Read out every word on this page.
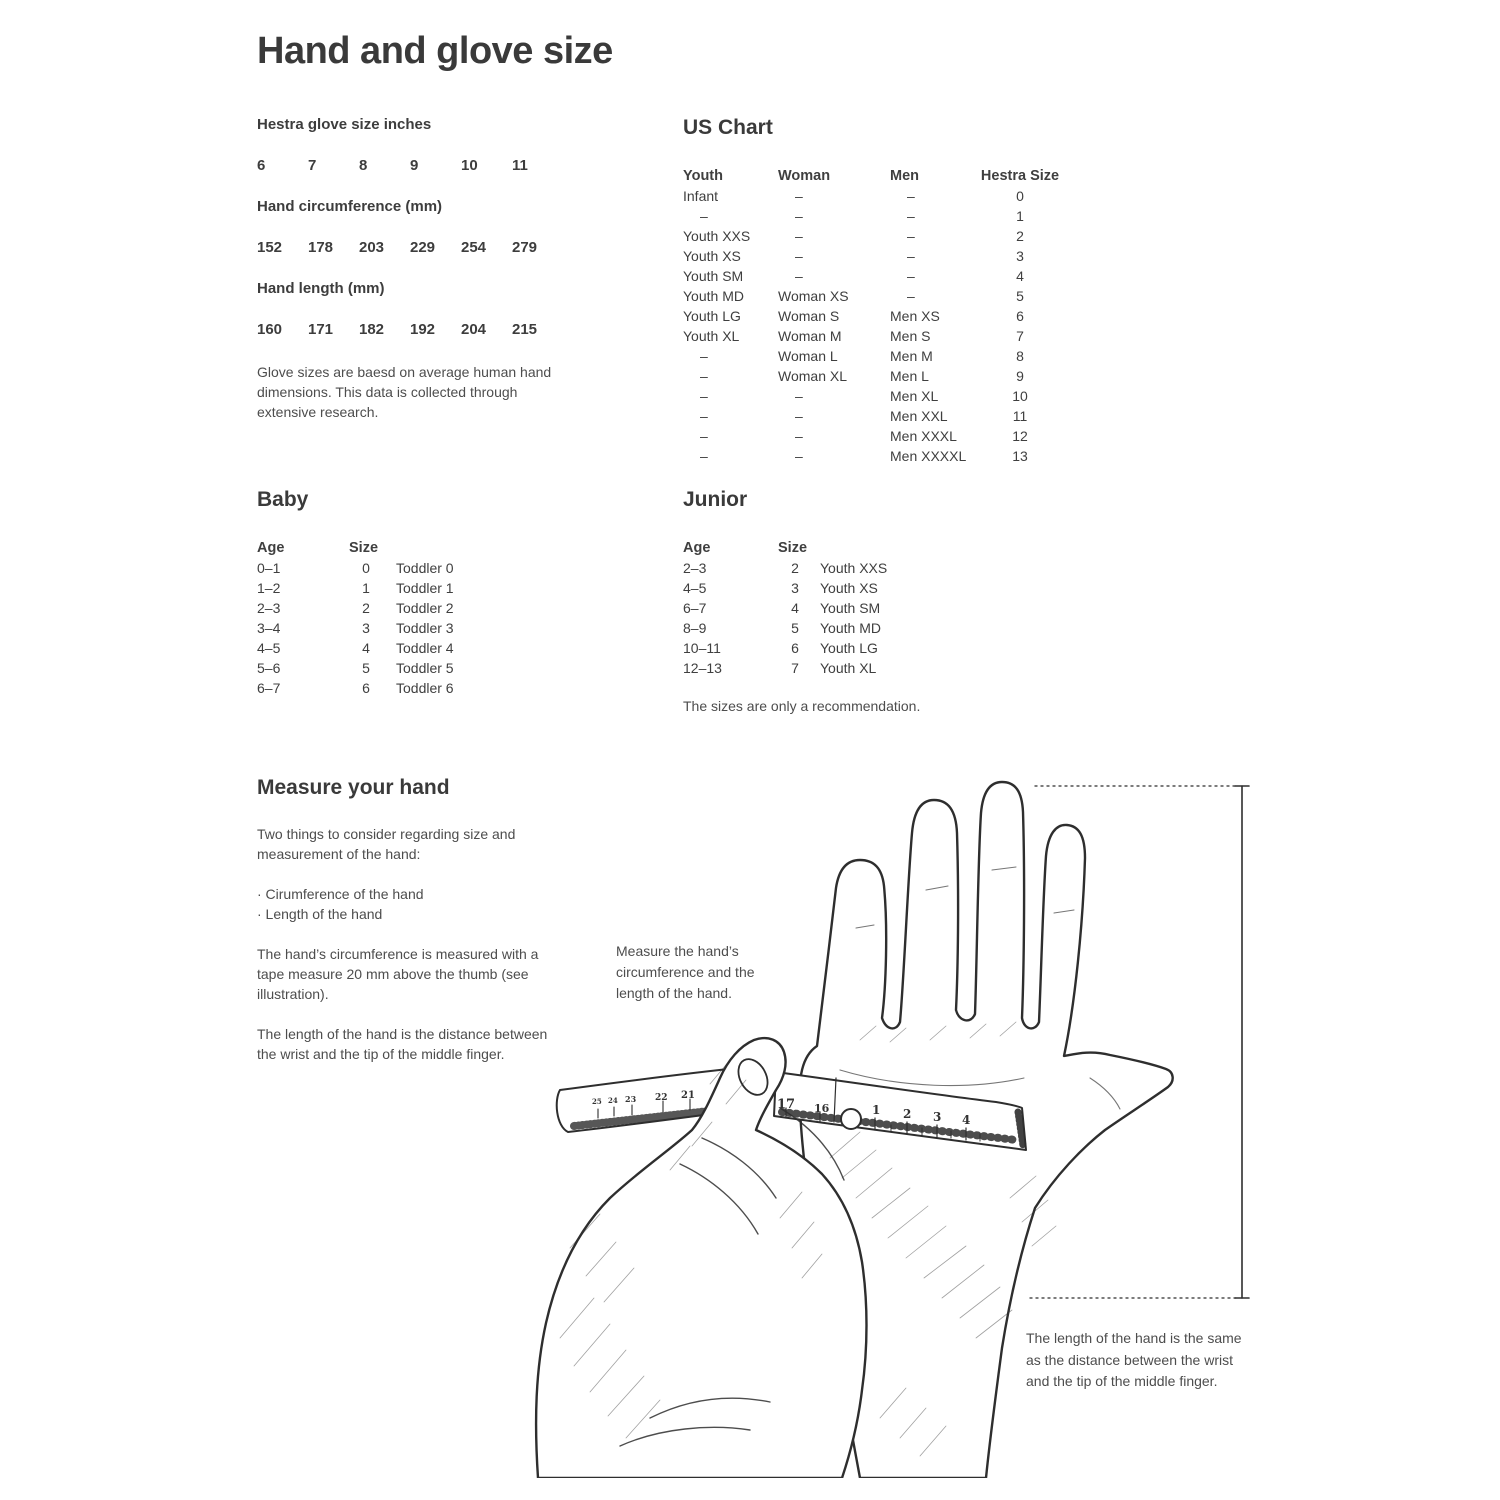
Hand and glove size
Hestra glove size inches
6	7	8	9	10	11
Hand circumference (mm)
152	178	203	229	254	279
Hand length (mm)
160	171	182	192	204	215
Glove sizes are baesd on average human hand dimensions. This data is collected through extensive research.
US Chart
Youth	Woman	Men	Hestra Size
Infant	–	–	0
–	–	–	1
Youth XXS	–	–	2
Youth XS	–	–	3
Youth SM	–	–	4
Youth MD	Woman XS	–	5
Youth LG	Woman S	Men XS	6
Youth XL	Woman M	Men S	7
–	Woman L	Men M	8
–	Woman XL	Men L	9
–	–	Men XL	10
–	–	Men XXL	11
–	–	Men XXXL	12
–	–	Men XXXXL	13
Baby
Age	Size
0–1	0	Toddler 0
1–2	1	Toddler 1
2–3	2	Toddler 2
3–4	3	Toddler 3
4–5	4	Toddler 4
5–6	5	Toddler 5
6–7	6	Toddler 6
Junior
Age	Size
2–3	2	Youth XXS
4–5	3	Youth XS
6–7	4	Youth SM
8–9	5	Youth MD
10–11	6	Youth LG
12–13	7	Youth XL
The sizes are only a recommendation.
Measure your hand

Two things to consider regarding size and measurement of the hand:

· Cirumference of the hand
· Length of the hand

The hand’s circumference is measured with a tape measure 20 mm above the thumb (see illustration).

The length of the hand is the distance between the wrist and the tip of the middle finger.

17 16	1 2 3 4
25 24 23 22 21
Measure the hand’s circumference and the length of the hand.
The length of the hand is the same as the distance between the wrist and the tip of the middle finger.
